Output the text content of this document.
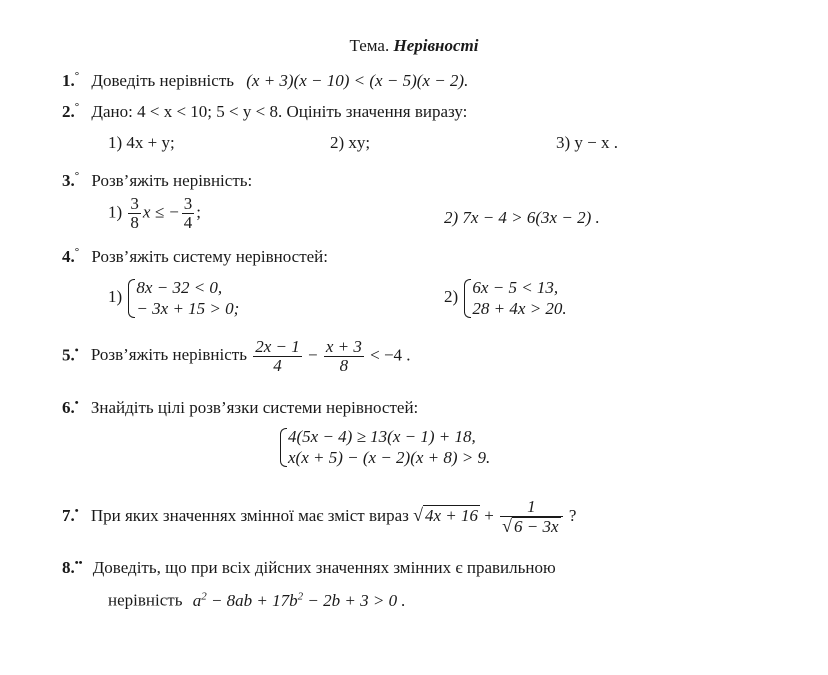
Тема. Нерівності
1.° Доведіть нерівність (x + 3)(x − 10) < (x − 5)(x − 2).
2.° Дано: 4 < x < 10; 5 < y < 8. Оцініть значення виразу:
1) 4x + y;	2) xy;	3) y − x .
3.° Розв’яжіть нерівність:
$1) \frac{3}{8}$ x ≤ − $\frac{3}{4}$ ;	2) 7x − 4 > 6(3x − 2) .
4.° Розв’яжіть систему нерівностей:
1) 8x − 32 < 0,
− 3x + 15 > 0;
2) 6x − 5 < 13,
28 + 4x > 20.
5.• Розв’яжіть нерівність $\frac{2x - 1}{4} - \frac{x + 3}{8} < -4$ .
6.• Знайдіть цілі розв’язки системи нерівностей:
4(5x − 4) ≥ 13(x − 1) + 18,
x(x + 5) − (x − 2)(x + 8) > 9.
7.• При яких значеннях змінної має зміст вираз √ $4x + 16 + \frac{1}{√ 6 - 3x}$ ?
8.•• Доведіть, що при всіх дійсних значеннях змінних є правильною
нерівність $a^2 - 8ab + 17b^2 - 2b + 3 > 0$ .
